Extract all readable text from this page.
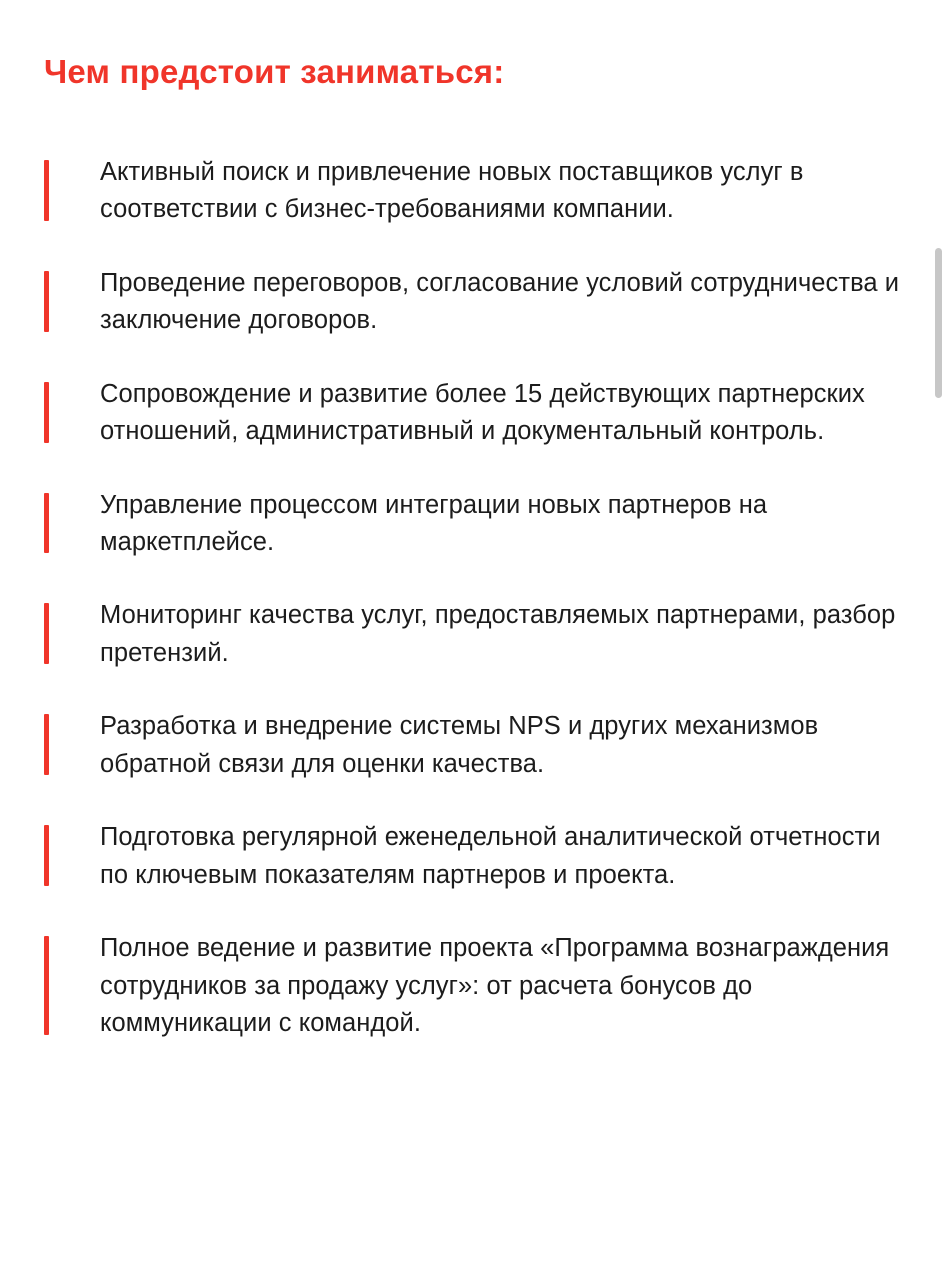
Чем предстоит заниматься:
Активный поиск и привлечение новых поставщиков услуг в соответствии с бизнес-требованиями компании.
Проведение переговоров, согласование условий сотрудничества и заключение договоров.
Сопровождение и развитие более 15 действующих партнерских отношений, административный и документальный контроль.
Управление процессом интеграции новых партнеров на маркетплейсе.
Мониторинг качества услуг, предоставляемых партнерами, разбор претензий.
Разработка и внедрение системы NPS и других механизмов обратной связи для оценки качества.
Подготовка регулярной еженедельной аналитической отчетности по ключевым показателям партнеров и проекта.
Полное ведение и развитие проекта «Программа вознаграждения сотрудников за продажу услуг»: от расчета бонусов до коммуникации с командой.
